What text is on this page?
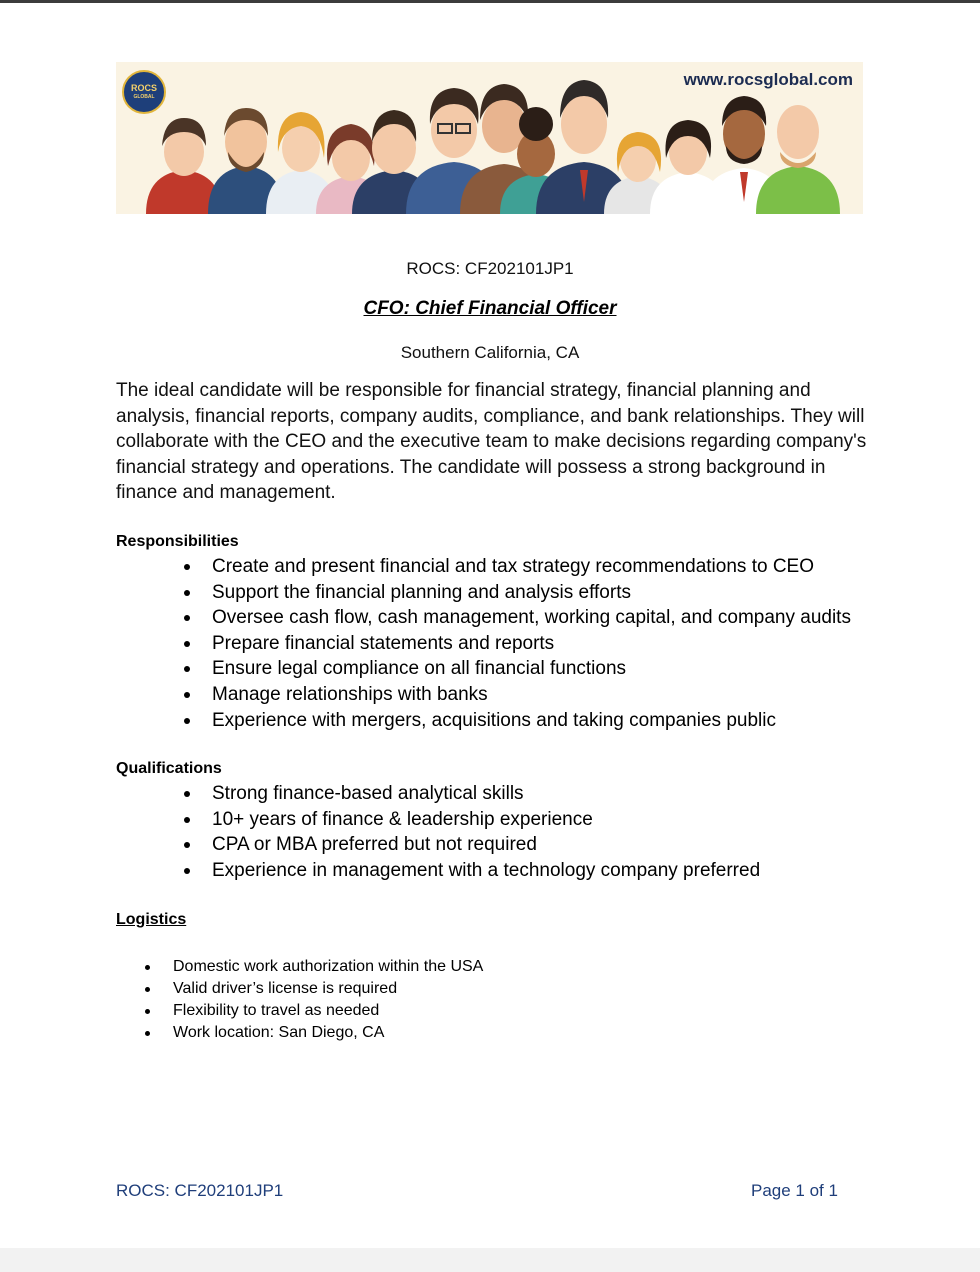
ROCS
GLOBAL
www.rocsglobal.com
ROCS: CF202101JP1
CFO: Chief Financial Officer
Southern California, CA

The ideal candidate will be responsible for financial strategy, financial planning and analysis, financial reports, company audits, compliance, and bank relationships. They will collaborate with the CEO and the executive team to make decisions regarding company's financial strategy and operations. The candidate will possess a strong background in finance and management.

Responsibilities
Create and present financial and tax strategy recommendations to CEO
Support the financial planning and analysis efforts
Oversee cash flow, cash management, working capital, and company audits
Prepare financial statements and reports
Ensure legal compliance on all financial functions
Manage relationships with banks
Experience with mergers, acquisitions and taking companies public
Qualifications
Strong finance-based analytical skills
10+ years of finance & leadership experience
CPA or MBA preferred but not required
Experience in management with a technology company preferred
Logistics
Domestic work authorization within the USA
Valid driver’s license is required
Flexibility to travel as needed
Work location: San Diego, CA
ROCS: CF202101JP1	Page 1 of 1
